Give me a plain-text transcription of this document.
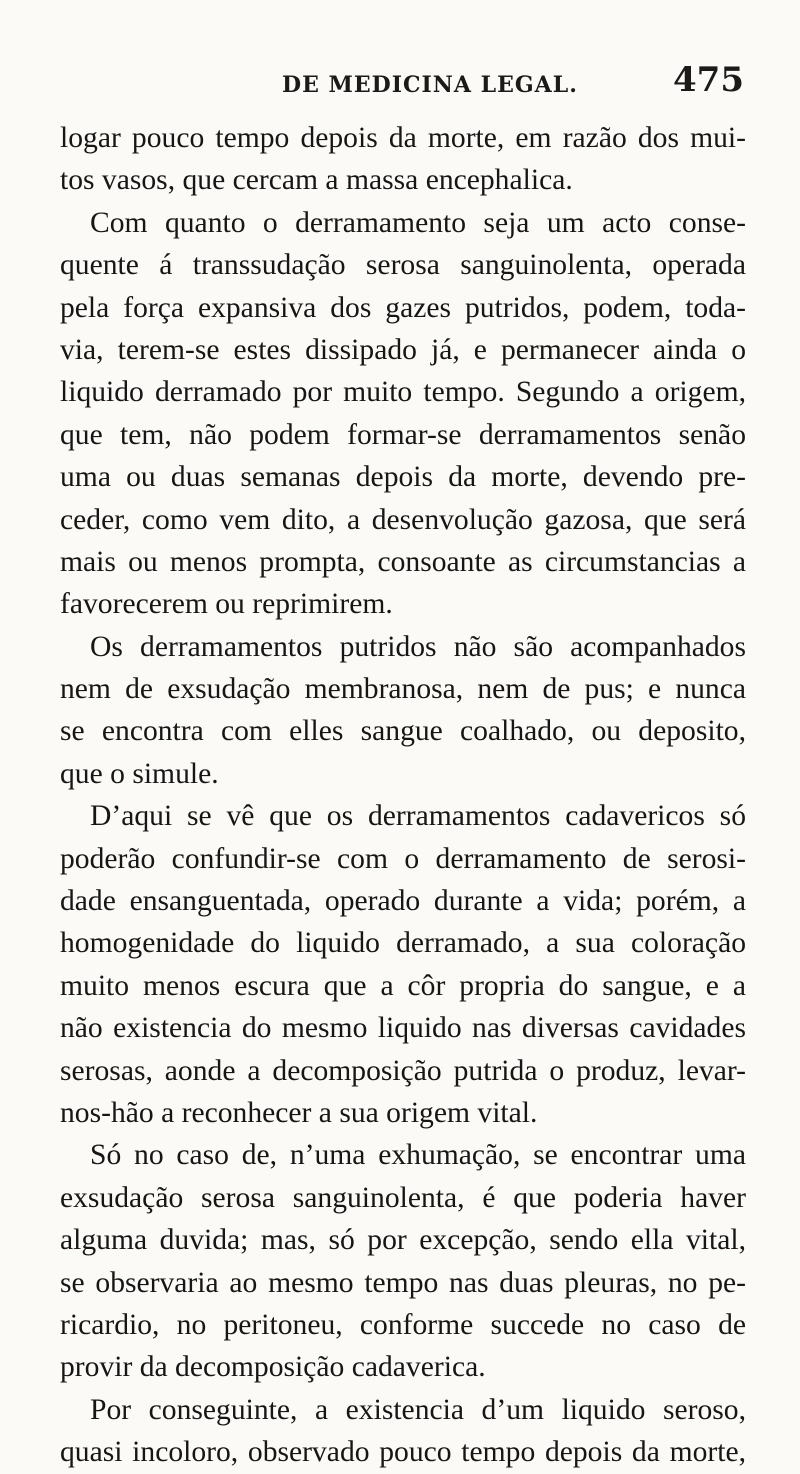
DE MEDICINA LEGAL.	475
logar pouco tempo depois da morte, em razão dos mui-
tos vasos, que cercam a massa encephalica.
Com quanto o derramamento seja um acto conse-
quente á transsudação serosa sanguinolenta, operada
pela força expansiva dos gazes putridos, podem, toda-
via, terem-se estes dissipado já, e permanecer ainda o
liquido derramado por muito tempo. Segundo a origem,
que tem, não podem formar-se derramamentos senão
uma ou duas semanas depois da morte, devendo pre-
ceder, como vem dito, a desenvolução gazosa, que será
mais ou menos prompta, consoante as circumstancias a
favorecerem ou reprimirem.
Os derramamentos putridos não são acompanhados
nem de exsudação membranosa, nem de pus; e nunca
se encontra com elles sangue coalhado, ou deposito,
que o simule.
D’aqui se vê que os derramamentos cadavericos só
poderão confundir-se com o derramamento de serosi-
dade ensanguentada, operado durante a vida; porém, a
homogenidade do liquido derramado, a sua coloração
muito menos escura que a côr propria do sangue, e a
não existencia do mesmo liquido nas diversas cavidades
serosas, aonde a decomposição putrida o produz, levar-
nos-hão a reconhecer a sua origem vital.
Só no caso de, n’uma exhumação, se encontrar uma
exsudação serosa sanguinolenta, é que poderia haver
alguma duvida; mas, só por excepção, sendo ella vital,
se observaria ao mesmo tempo nas duas pleuras, no pe-
ricardio, no peritoneu, conforme succede no caso de
provir da decomposição cadaverica.
Por conseguinte, a existencia d’um liquido seroso,
quasi incoloro, observado pouco tempo depois da morte,
